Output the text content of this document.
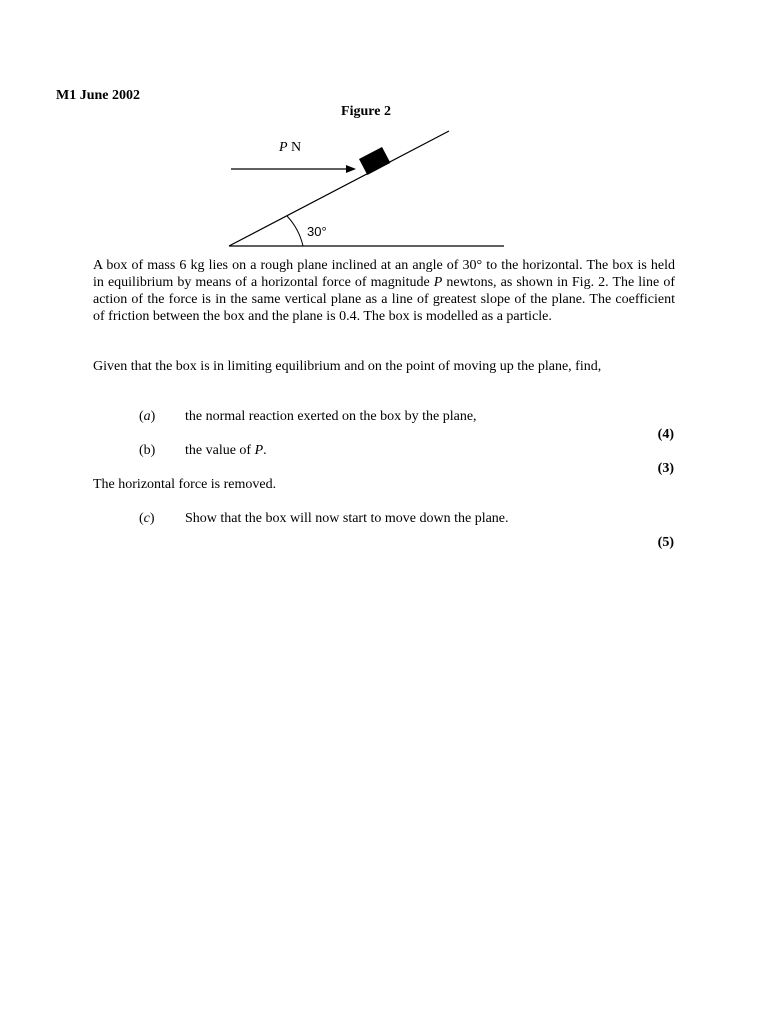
M1 June 2002
Figure 2
P N
30°
A box of mass 6 kg lies on a rough plane inclined at an angle of 30° to the horizontal. The box is held in equilibrium by means of a horizontal force of magnitude P newtons, as shown in Fig. 2. The line of action of the force is in the same vertical plane as a line of greatest slope of the plane. The coefficient of friction between the box and the plane is 0.4. The box is modelled as a particle.
Given that the box is in limiting equilibrium and on the point of moving up the plane, find,
(a) the normal reaction exerted on the box by the plane,
(4)
(b) the value of P.
(3)
The horizontal force is removed.
(c) Show that the box will now start to move down the plane.
(5)
